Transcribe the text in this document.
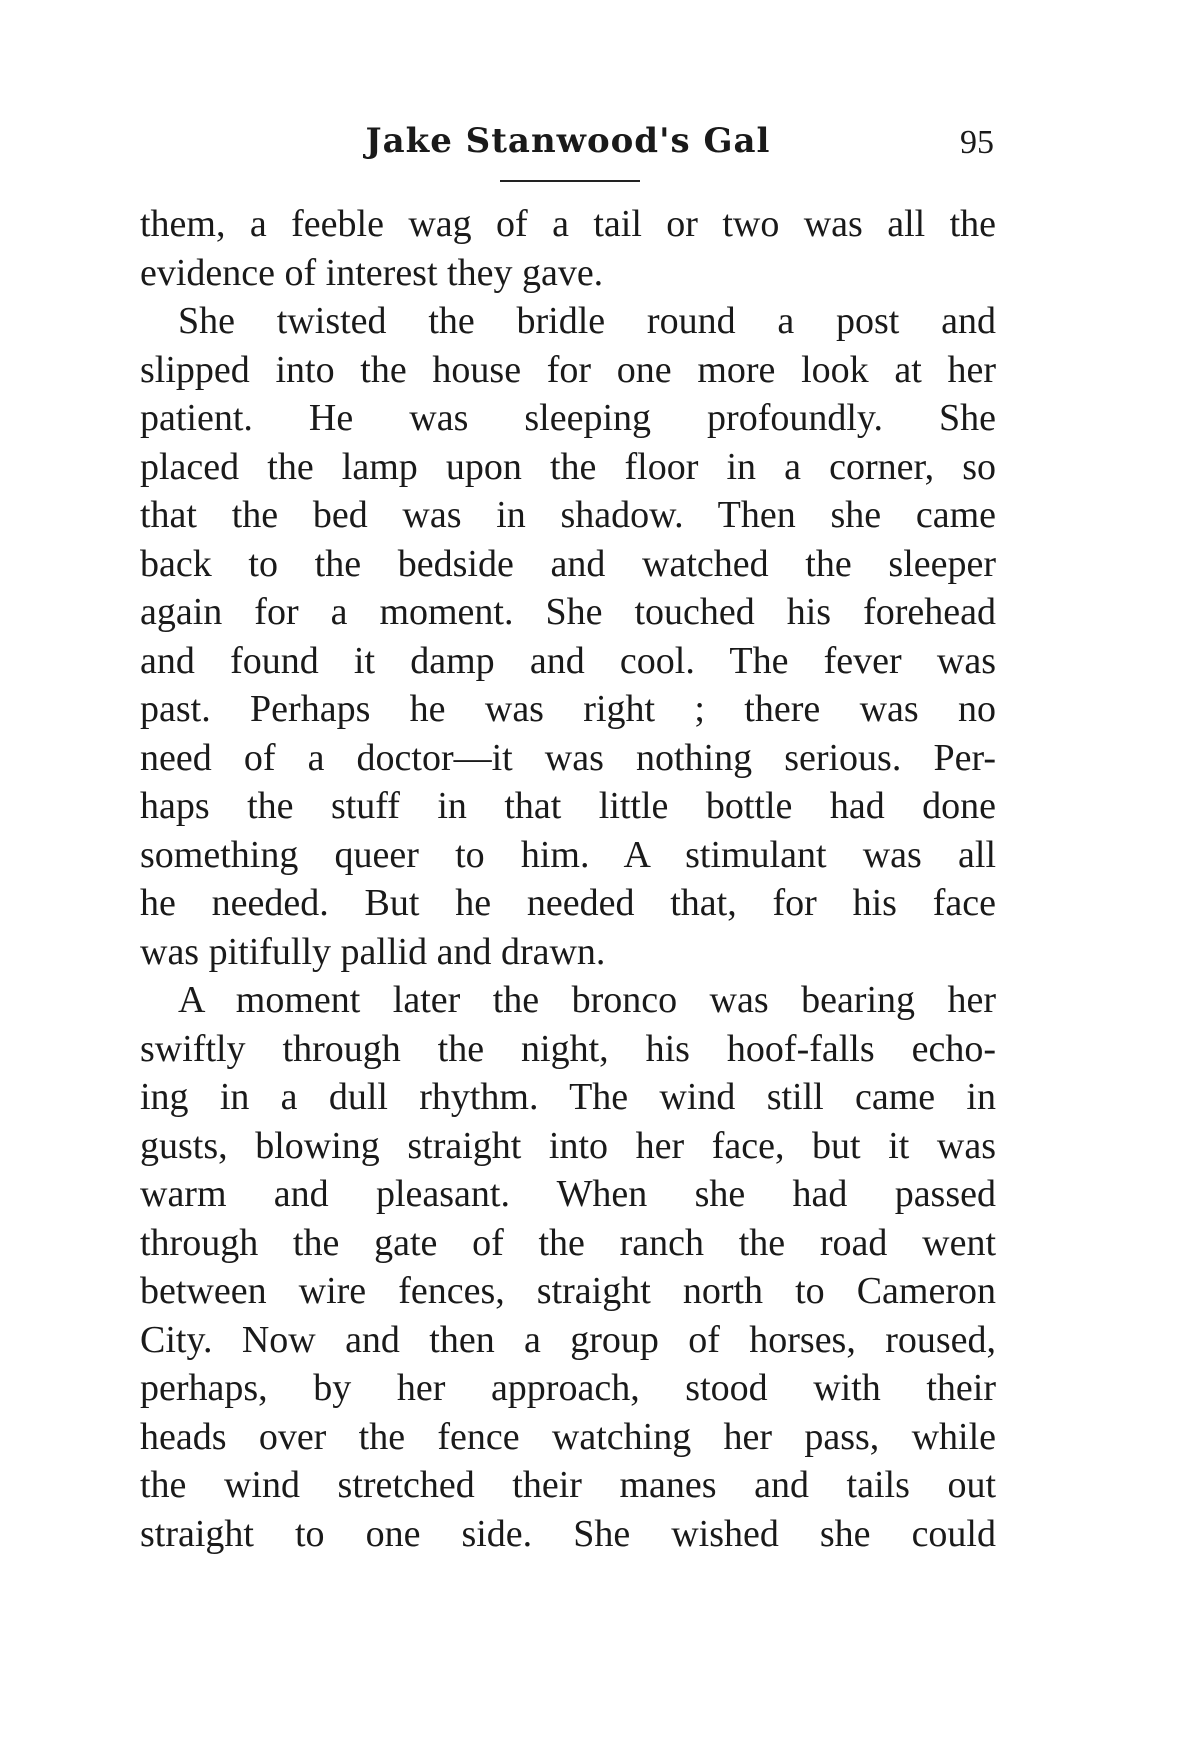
Jake Stanwood's Gal	95

them, a feeble wag of a tail or two was all the
evidence of interest they gave.

She twisted the bridle round a post and
slipped into the house for one more look at her
patient. He was sleeping profoundly. She
placed the lamp upon the floor in a corner, so
that the bed was in shadow. Then she came
back to the bedside and watched the sleeper
again for a moment. She touched his forehead
and found it damp and cool. The fever was
past. Perhaps he was right ; there was no
need of a doctor—it was nothing serious. Per-
haps the stuff in that little bottle had done
something queer to him. A stimulant was all
he needed. But he needed that, for his face
was pitifully pallid and drawn.

A moment later the bronco was bearing her
swiftly through the night, his hoof-falls echo-
ing in a dull rhythm. The wind still came in
gusts, blowing straight into her face, but it was
warm and pleasant. When she had passed
through the gate of the ranch the road went
between wire fences, straight north to Cameron
City. Now and then a group of horses, roused,
perhaps, by her approach, stood with their
heads over the fence watching her pass, while
the wind stretched their manes and tails out
straight to one side. She wished she could
